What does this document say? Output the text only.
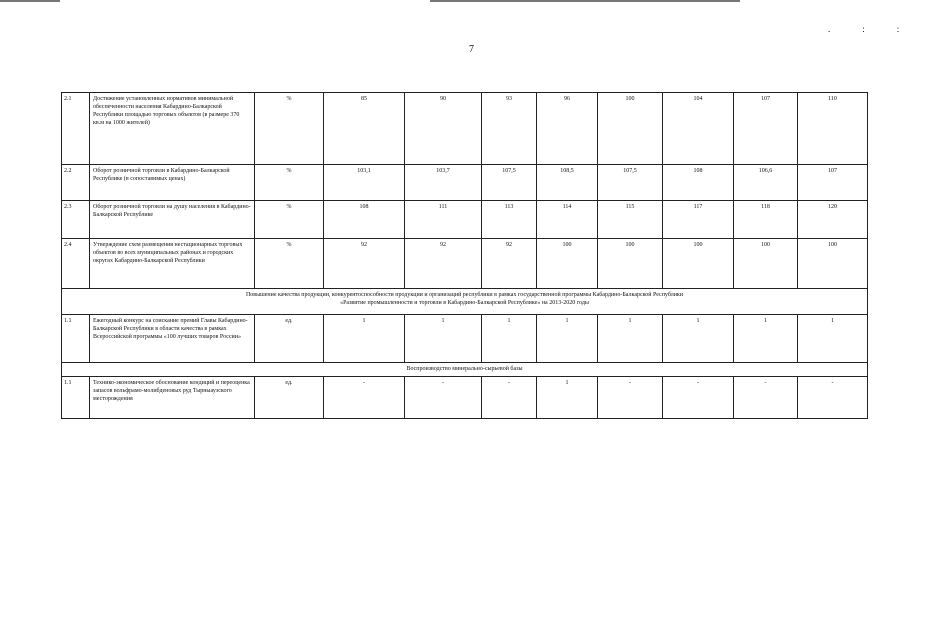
7
.::
2.1	Достижение установленных нормативов минимальной обеспеченности населения Кабардино-Балкарской Республики площадью торговых объектов (в размере 370 кв.м на 1000 жителей)	%	85	90	93	96	100	104	107	110
2.2	Оборот розничной торговли в Кабардино-Балкарской Республике (в сопоставимых ценах)	%	103,1	103,7	107,5	108,5	107,5	108	106,6	107
2.3	Оборот розничной торговли на душу населения в Кабардино-Балкарской Республике	%	108	111	113	114	115	117	118	120
2.4	Утверждение схем размещения нестационарных торговых объектов во всех муниципальных районах и городских округах Кабардино-Балкарской Республики	%	92	92	92	100	100	100	100	100

Повышение качества продукции, конкурентоспособности продукции и организаций республики в рамках государственной программы Кабардино-Балкарской Республики
«Развитие промышленности и торговли в Кабардино-Балкарской Республике» на 2013-2020 годы										

1.1	Ежегодный конкурс на соискание премий Главы Кабардино-Балкарской Республики в области качества в рамках Всероссийской программы «100 лучших товаров России»	ед.	1	1	1	1	1	1	1	1

Воспроизводство минерально-сырьевой базы										

1.1	Технико-экономическое обоснование кондиций и переоценка запасов вольфрамо-молибденовых руд Тырныаузского месторождения	ед.	-	-	-	1	-	-	-	-
